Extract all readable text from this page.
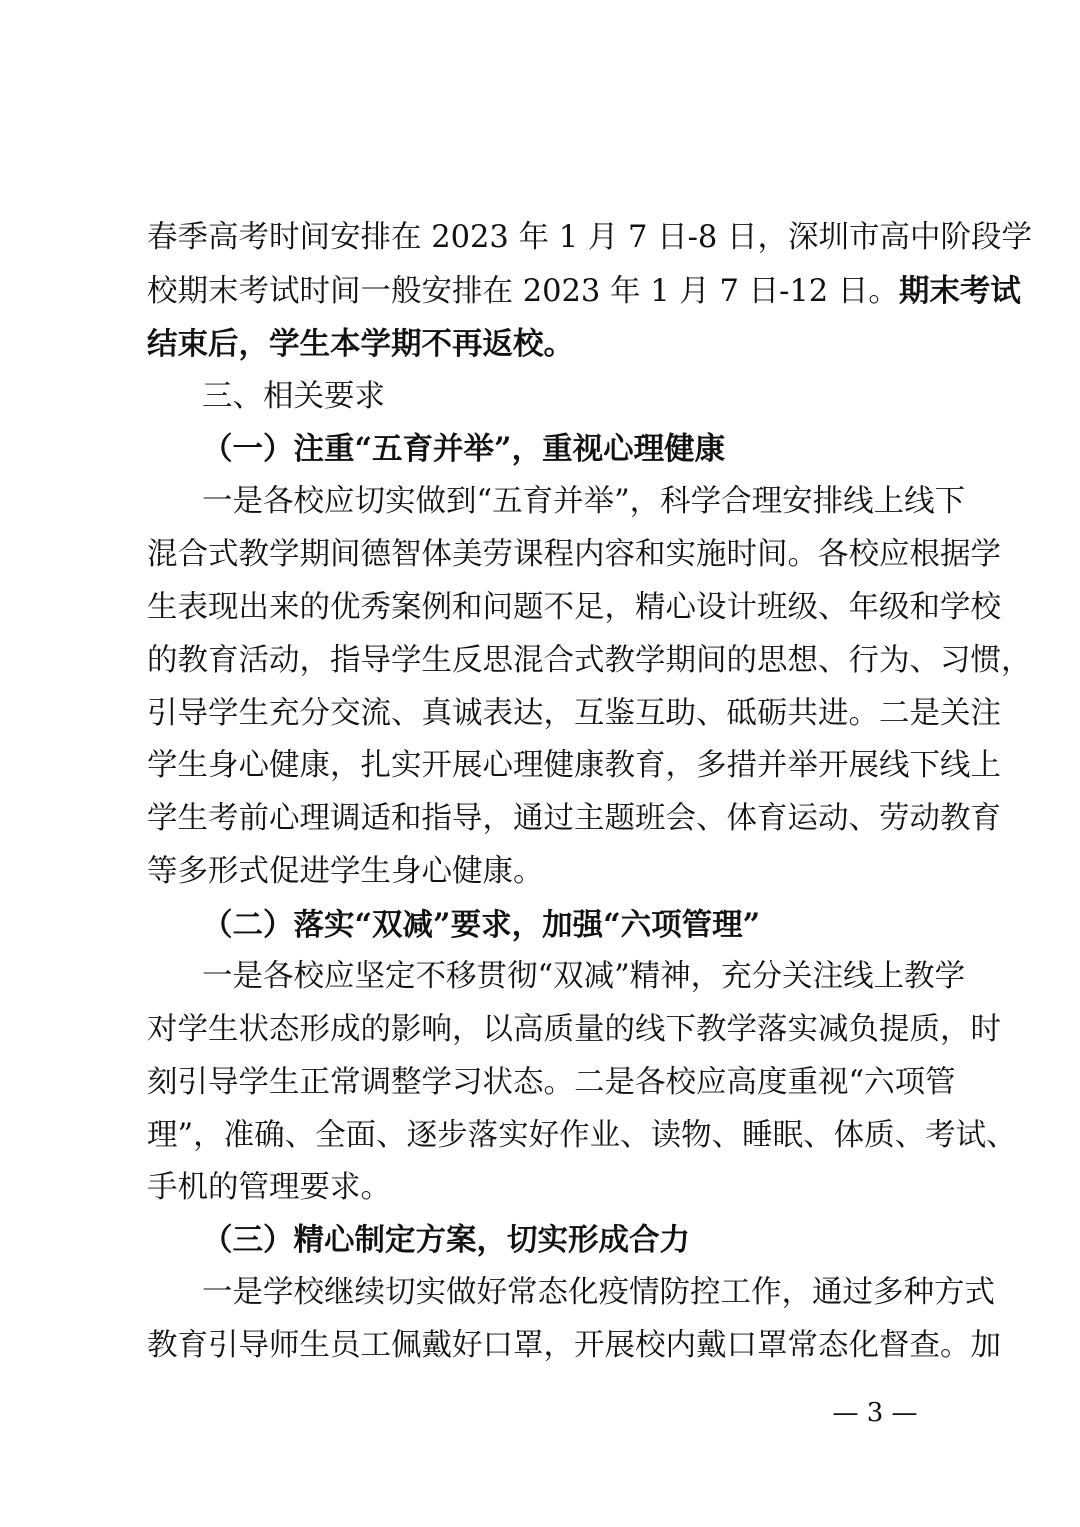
春季高考时间安排在 2023 年 1 月 7 日-8 日，深圳市高中阶段学
校期末考试时间一般安排在 2023 年 1 月 7 日-12 日。期末考试
结束后，学生本学期不再返校。
三、相关要求
（一）注重“五育并举”，重视心理健康
一是各校应切实做到“五育并举”，科学合理安排线上线下
混合式教学期间德智体美劳课程内容和实施时间。各校应根据学
生表现出来的优秀案例和问题不足，精心设计班级、年级和学校
的教育活动，指导学生反思混合式教学期间的思想、行为、习惯，
引导学生充分交流、真诚表达，互鉴互助、砥砺共进。二是关注
学生身心健康，扎实开展心理健康教育，多措并举开展线下线上
学生考前心理调适和指导，通过主题班会、体育运动、劳动教育
等多形式促进学生身心健康。
（二）落实“双减”要求，加强“六项管理”
一是各校应坚定不移贯彻“双减”精神，充分关注线上教学
对学生状态形成的影响，以高质量的线下教学落实减负提质，时
刻引导学生正常调整学习状态。二是各校应高度重视“六项管
理”，准确、全面、逐步落实好作业、读物、睡眠、体质、考试、
手机的管理要求。
（三）精心制定方案，切实形成合力
一是学校继续切实做好常态化疫情防控工作，通过多种方式
教育引导师生员工佩戴好口罩，开展校内戴口罩常态化督查。加
— 3 —
